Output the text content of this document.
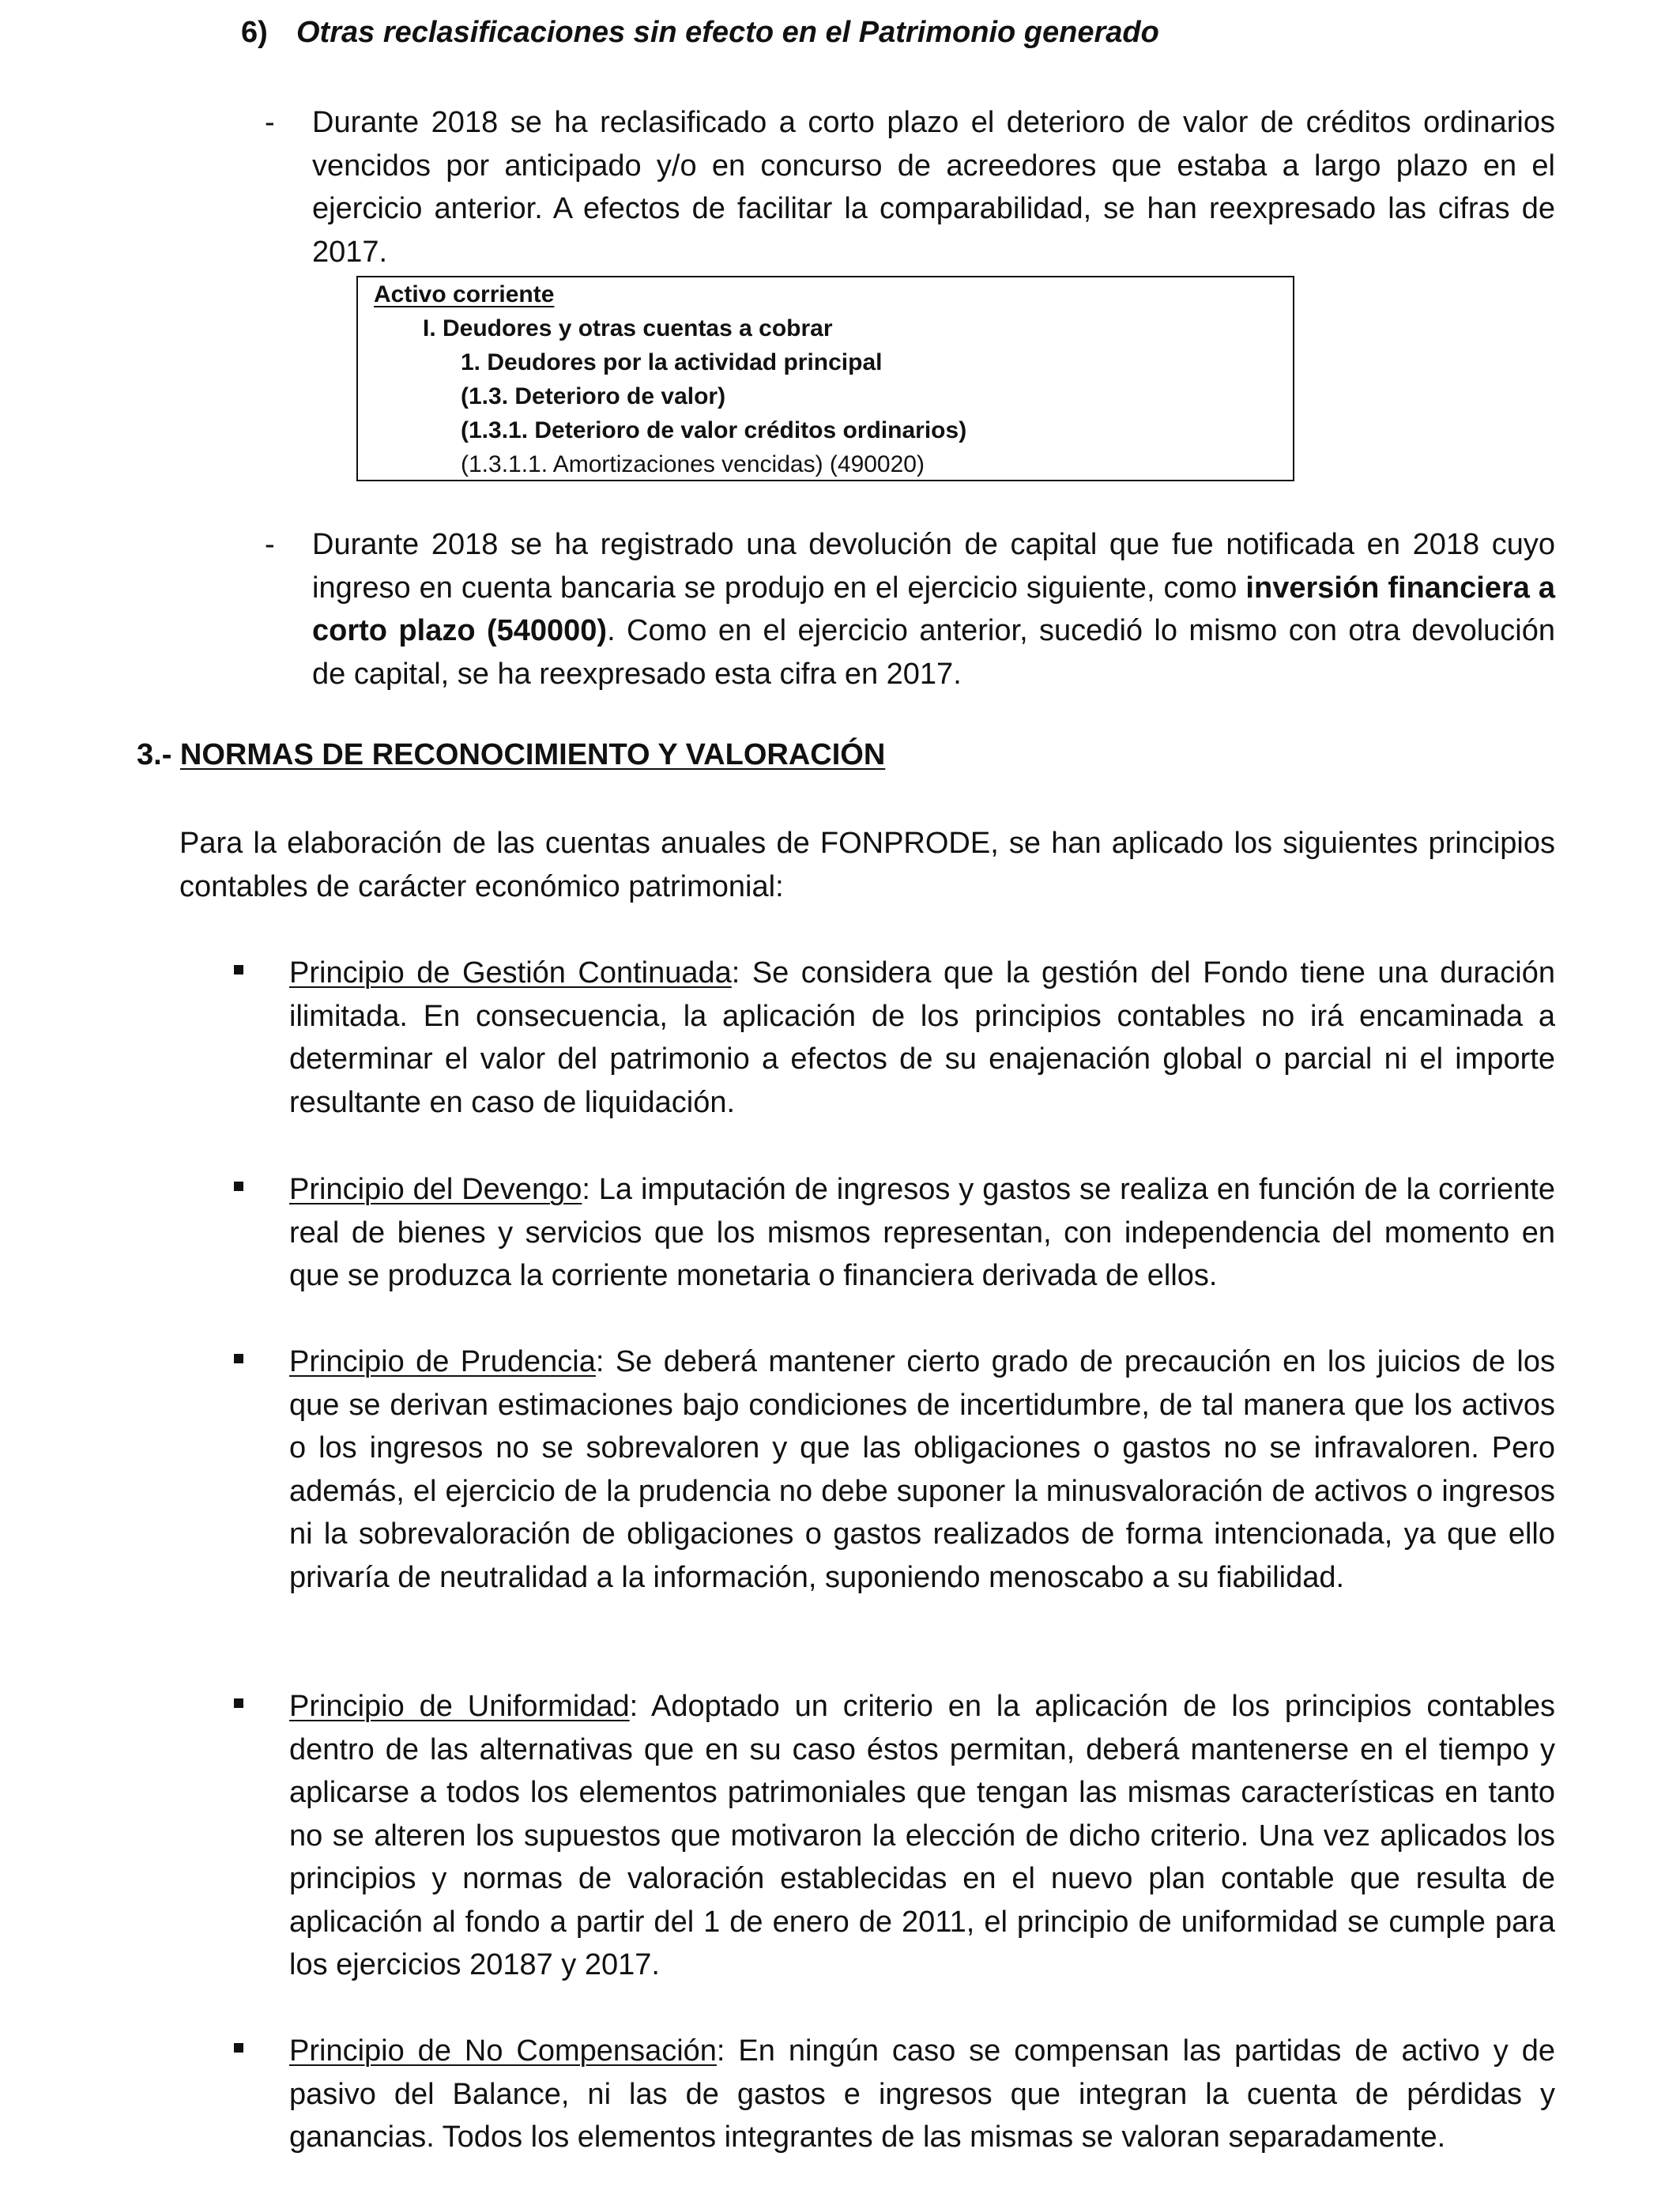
6) Otras reclasificaciones sin efecto en el Patrimonio generado
- Durante 2018 se ha reclasificado a corto plazo el deterioro de valor de créditos ordinarios vencidos por anticipado y/o en concurso de acreedores que estaba a largo plazo en el ejercicio anterior. A efectos de facilitar la comparabilidad, se han reexpresado las cifras de 2017.
Activo corriente
I. Deudores y otras cuentas a cobrar
1. Deudores por la actividad principal
(1.3. Deterioro de valor)
(1.3.1. Deterioro de valor créditos ordinarios)
(1.3.1.1. Amortizaciones vencidas) (490020)
- Durante 2018 se ha registrado una devolución de capital que fue notificada en 2018 cuyo ingreso en cuenta bancaria se produjo en el ejercicio siguiente, como inversión financiera a corto plazo (540000). Como en el ejercicio anterior, sucedió lo mismo con otra devolución de capital, se ha reexpresado esta cifra en 2017.
3.- NORMAS DE RECONOCIMIENTO Y VALORACIÓN
Para la elaboración de las cuentas anuales de FONPRODE, se han aplicado los siguientes principios contables de carácter económico patrimonial:
Principio de Gestión Continuada: Se considera que la gestión del Fondo tiene una duración ilimitada. En consecuencia, la aplicación de los principios contables no irá encaminada a determinar el valor del patrimonio a efectos de su enajenación global o parcial ni el importe resultante en caso de liquidación.
Principio del Devengo: La imputación de ingresos y gastos se realiza en función de la corriente real de bienes y servicios que los mismos representan, con independencia del momento en que se produzca la corriente monetaria o financiera derivada de ellos.
Principio de Prudencia: Se deberá mantener cierto grado de precaución en los juicios de los que se derivan estimaciones bajo condiciones de incertidumbre, de tal manera que los activos o los ingresos no se sobrevaloren y que las obligaciones o gastos no se infravaloren. Pero además, el ejercicio de la prudencia no debe suponer la minusvaloración de activos o ingresos ni la sobrevaloración de obligaciones o gastos realizados de forma intencionada, ya que ello privaría de neutralidad a la información, suponiendo menoscabo a su fiabilidad.
Principio de Uniformidad: Adoptado un criterio en la aplicación de los principios contables dentro de las alternativas que en su caso éstos permitan, deberá mantenerse en el tiempo y aplicarse a todos los elementos patrimoniales que tengan las mismas características en tanto no se alteren los supuestos que motivaron la elección de dicho criterio. Una vez aplicados los principios y normas de valoración establecidas en el nuevo plan contable que resulta de aplicación al fondo a partir del 1 de enero de 2011, el principio de uniformidad se cumple para los ejercicios 20187 y 2017.
Principio de No Compensación: En ningún caso se compensan las partidas de activo y de pasivo del Balance, ni las de gastos e ingresos que integran la cuenta de pérdidas y ganancias. Todos los elementos integrantes de las mismas se valoran separadamente.
